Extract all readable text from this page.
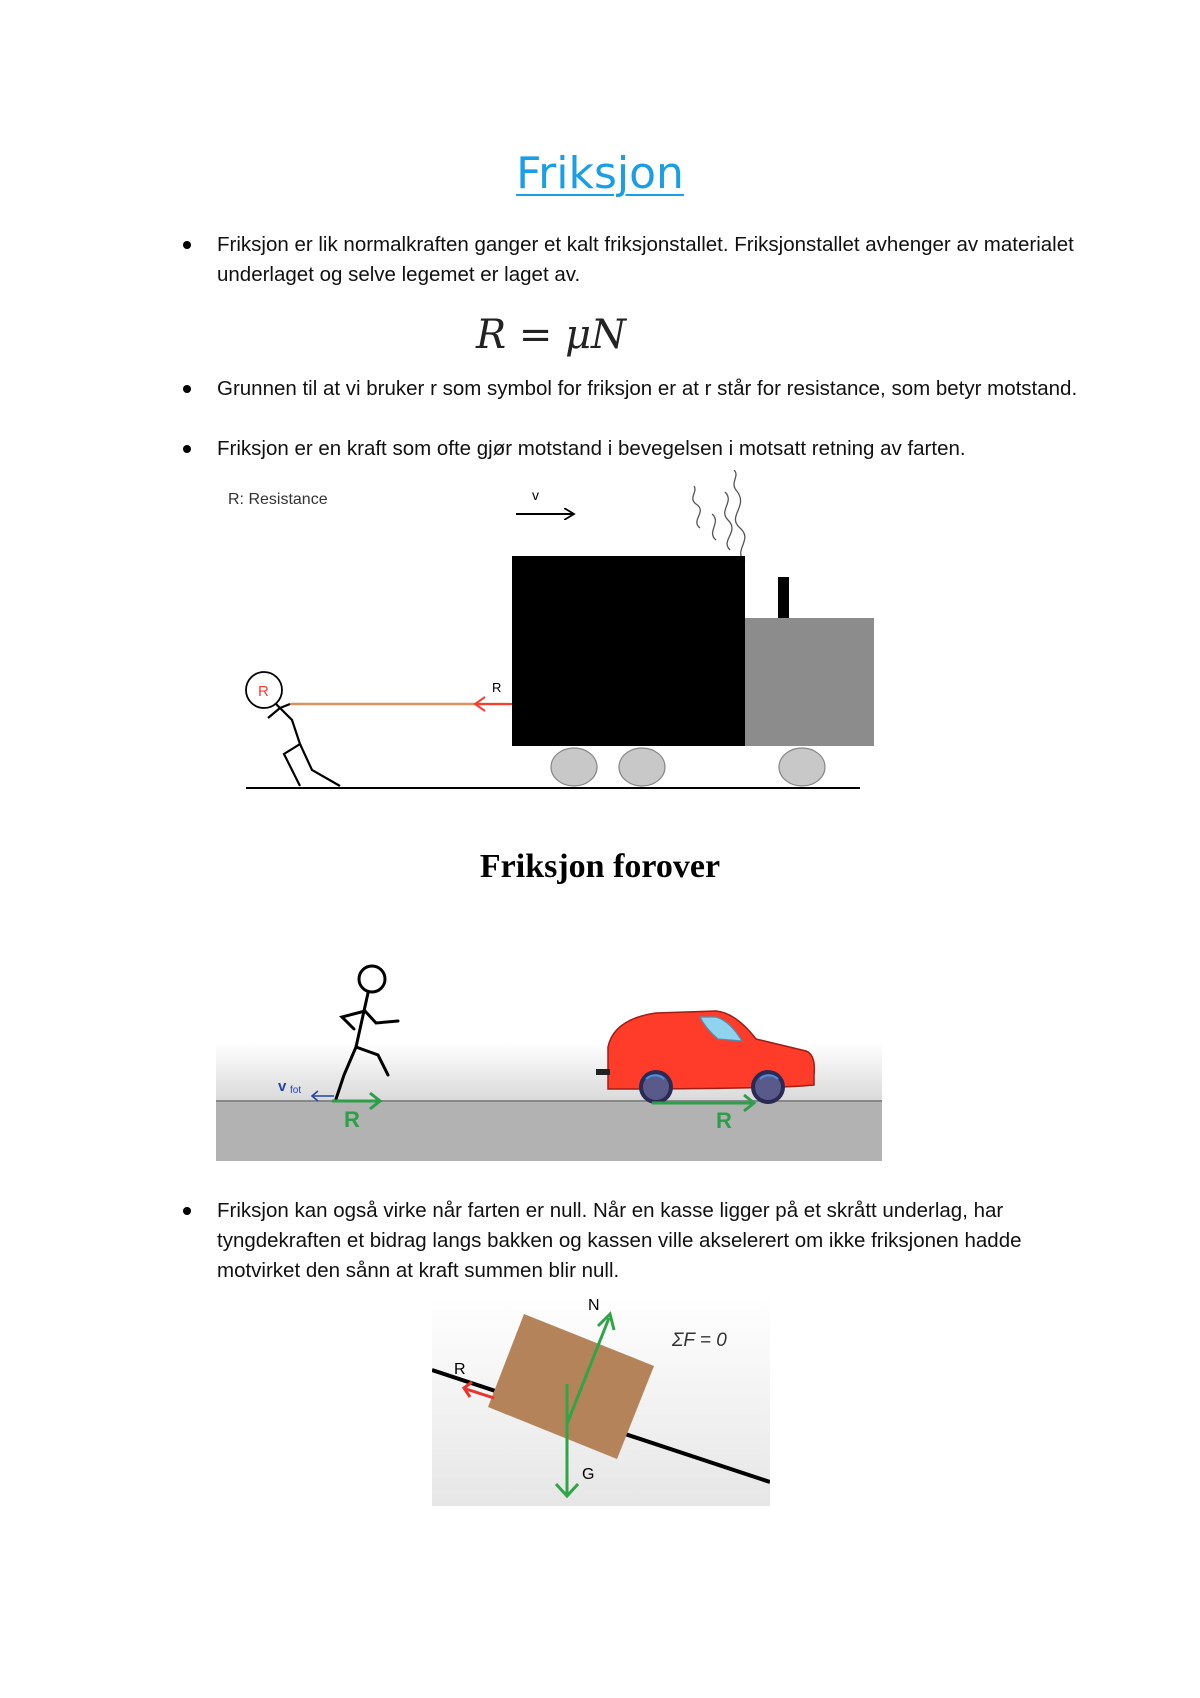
Friksjon
Friksjon er lik normalkraften ganger et kalt friksjonstallet. Friksjonstallet avhenger av materialet underlaget og selve legemet er laget av.
R = μN
Grunnen til at vi bruker r som symbol for friksjon er at r står for resistance, som betyr motstand.
Friksjon er en kraft som ofte gjør motstand i bevegelsen i motsatt retning av farten.
R: Resistance	v
R
R
Friksjon forover
v fot
R	R
Friksjon kan også virke når farten er null. Når en kasse ligger på et skrått underlag, har tyngdekraften et bidrag langs bakken og kassen ville akselerert om ikke friksjonen hadde motvirket den sånn at kraft summen blir null.
R
N
G
ΣF = 0
